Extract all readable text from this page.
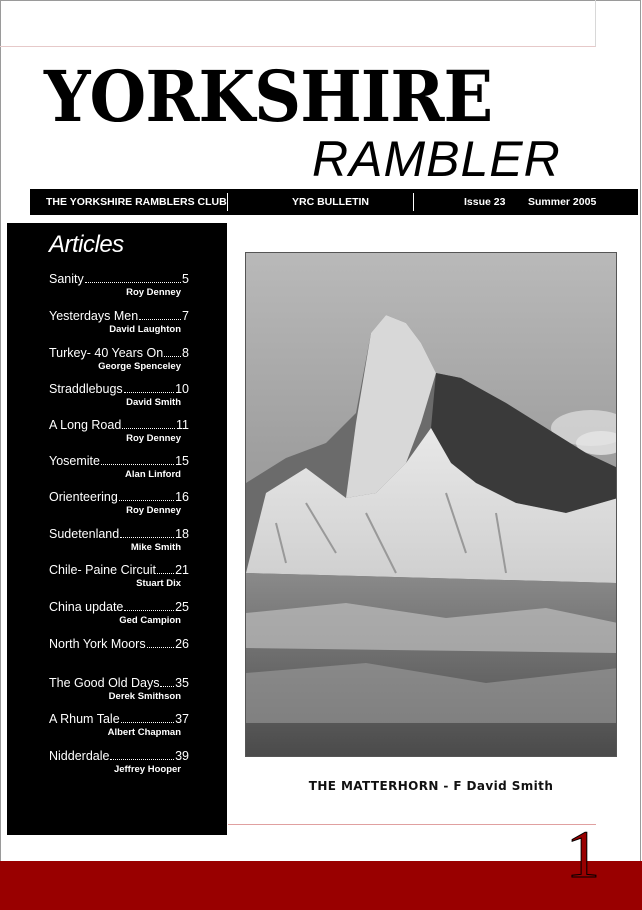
YORKSHIRE
RAMBLER
THE YORKSHIRE RAMBLERS CLUB	YRC BULLETIN	Issue 23 Summer 2005
Articles
Sanity	5
Roy Denney
Yesterdays Men	7
David Laughton
Turkey- 40 Years On 8
George Spenceley
Straddlebugs	10
David Smith
A Long Road	11
Roy Denney
Yosemite	15
Alan Linford
Orienteering	16
Roy Denney
Sudetenland	18
Mike Smith
Chile- Paine Circuit 21
Stuart Dix
China update	25
Ged Campion
North York Moors 26
The Good Old Days 35
Derek Smithson
A Rhum Tale	37
Albert Chapman
Nidderdale	39
Jeffrey Hooper
THE MATTERHORN - F David Smith
1
